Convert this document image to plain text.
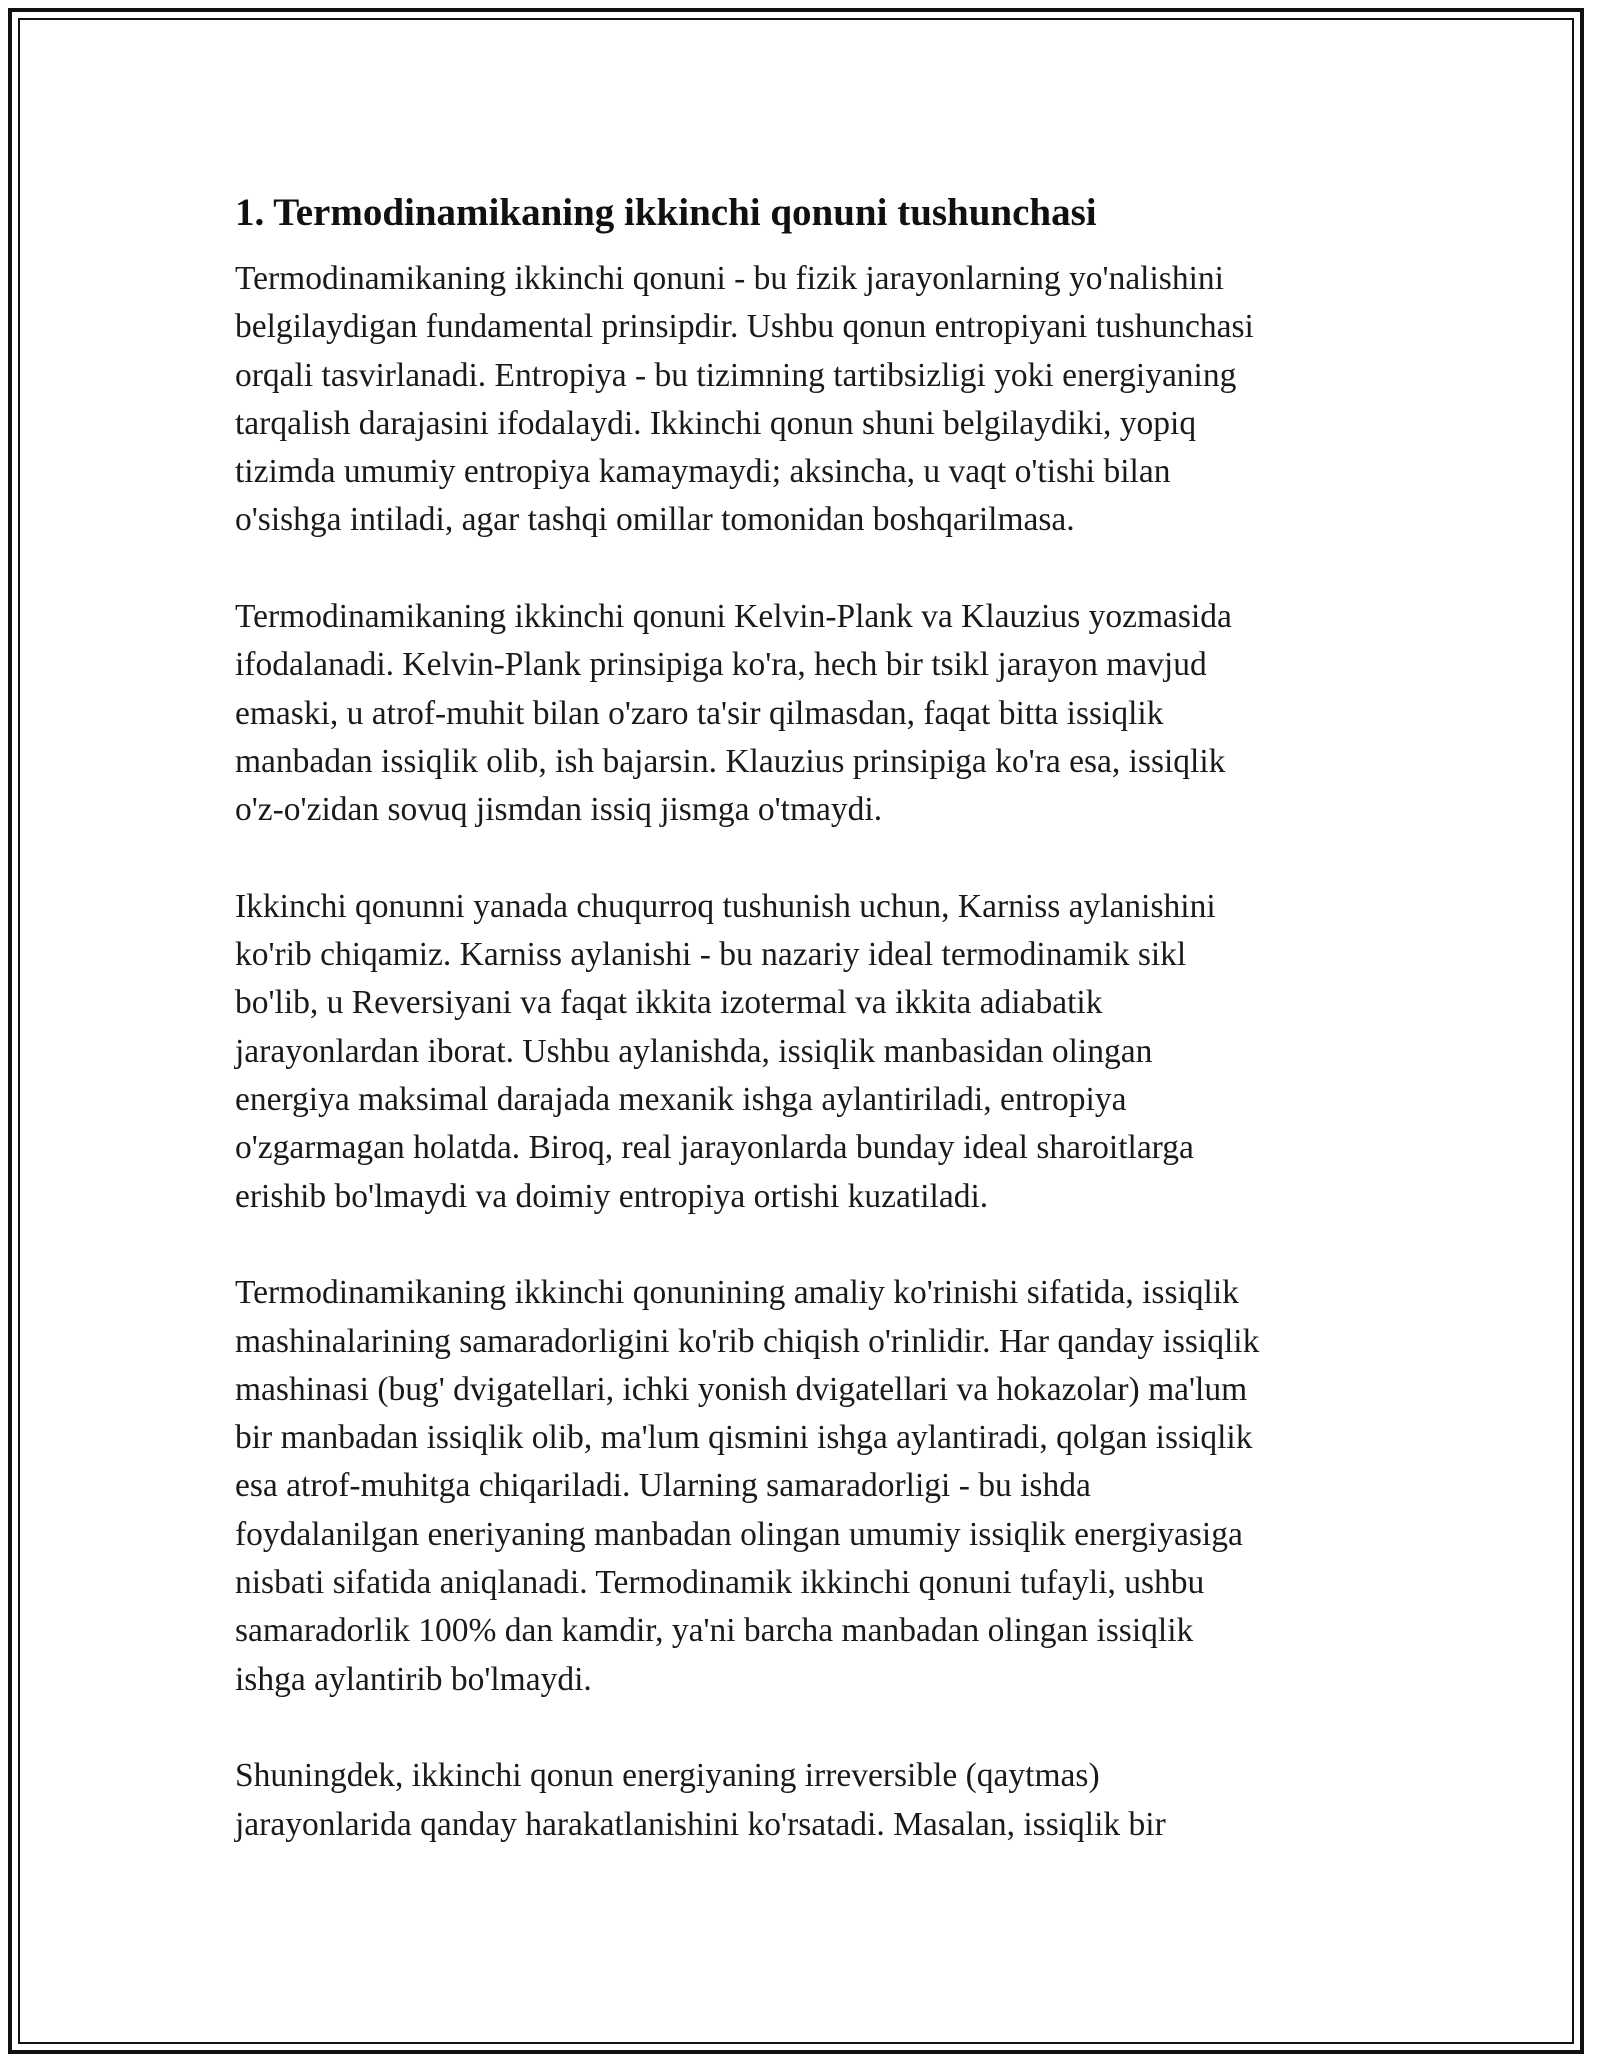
1. Termodinamikaning ikkinchi qonuni tushunchasi

Termodinamikaning ikkinchi qonuni - bu fizik jarayonlarning yo'nalishini
belgilaydigan fundamental prinsipdir. Ushbu qonun entropiyani tushunchasi
orqali tasvirlanadi. Entropiya - bu tizimning tartibsizligi yoki energiyaning
tarqalish darajasini ifodalaydi. Ikkinchi qonun shuni belgilaydiki, yopiq
tizimda umumiy entropiya kamaymaydi; aksincha, u vaqt o'tishi bilan
o'sishga intiladi, agar tashqi omillar tomonidan boshqarilmasa.

Termodinamikaning ikkinchi qonuni Kelvin-Plank va Klauzius yozmasida
ifodalanadi. Kelvin-Plank prinsipiga ko'ra, hech bir tsikl jarayon mavjud
emaski, u atrof-muhit bilan o'zaro ta'sir qilmasdan, faqat bitta issiqlik
manbadan issiqlik olib, ish bajarsin. Klauzius prinsipiga ko'ra esa, issiqlik
o'z-o'zidan sovuq jismdan issiq jismga o'tmaydi.

Ikkinchi qonunni yanada chuqurroq tushunish uchun, Karniss aylanishini
ko'rib chiqamiz. Karniss aylanishi - bu nazariy ideal termodinamik sikl
bo'lib, u Reversiyani va faqat ikkita izotermal va ikkita adiabatik
jarayonlardan iborat. Ushbu aylanishda, issiqlik manbasidan olingan
energiya maksimal darajada mexanik ishga aylantiriladi, entropiya
o'zgarmagan holatda. Biroq, real jarayonlarda bunday ideal sharoitlarga
erishib bo'lmaydi va doimiy entropiya ortishi kuzatiladi.

Termodinamikaning ikkinchi qonunining amaliy ko'rinishi sifatida, issiqlik
mashinalarining samaradorligini ko'rib chiqish o'rinlidir. Har qanday issiqlik
mashinasi (bug' dvigatellari, ichki yonish dvigatellari va hokazolar) ma'lum
bir manbadan issiqlik olib, ma'lum qismini ishga aylantiradi, qolgan issiqlik
esa atrof-muhitga chiqariladi. Ularning samaradorligi - bu ishda
foydalanilgan eneriyaning manbadan olingan umumiy issiqlik energiyasiga
nisbati sifatida aniqlanadi. Termodinamik ikkinchi qonuni tufayli, ushbu
samaradorlik 100% dan kamdir, ya'ni barcha manbadan olingan issiqlik
ishga aylantirib bo'lmaydi.

Shuningdek, ikkinchi qonun energiyaning irreversible (qaytmas)
jarayonlarida qanday harakatlanishini ko'rsatadi. Masalan, issiqlik bir
